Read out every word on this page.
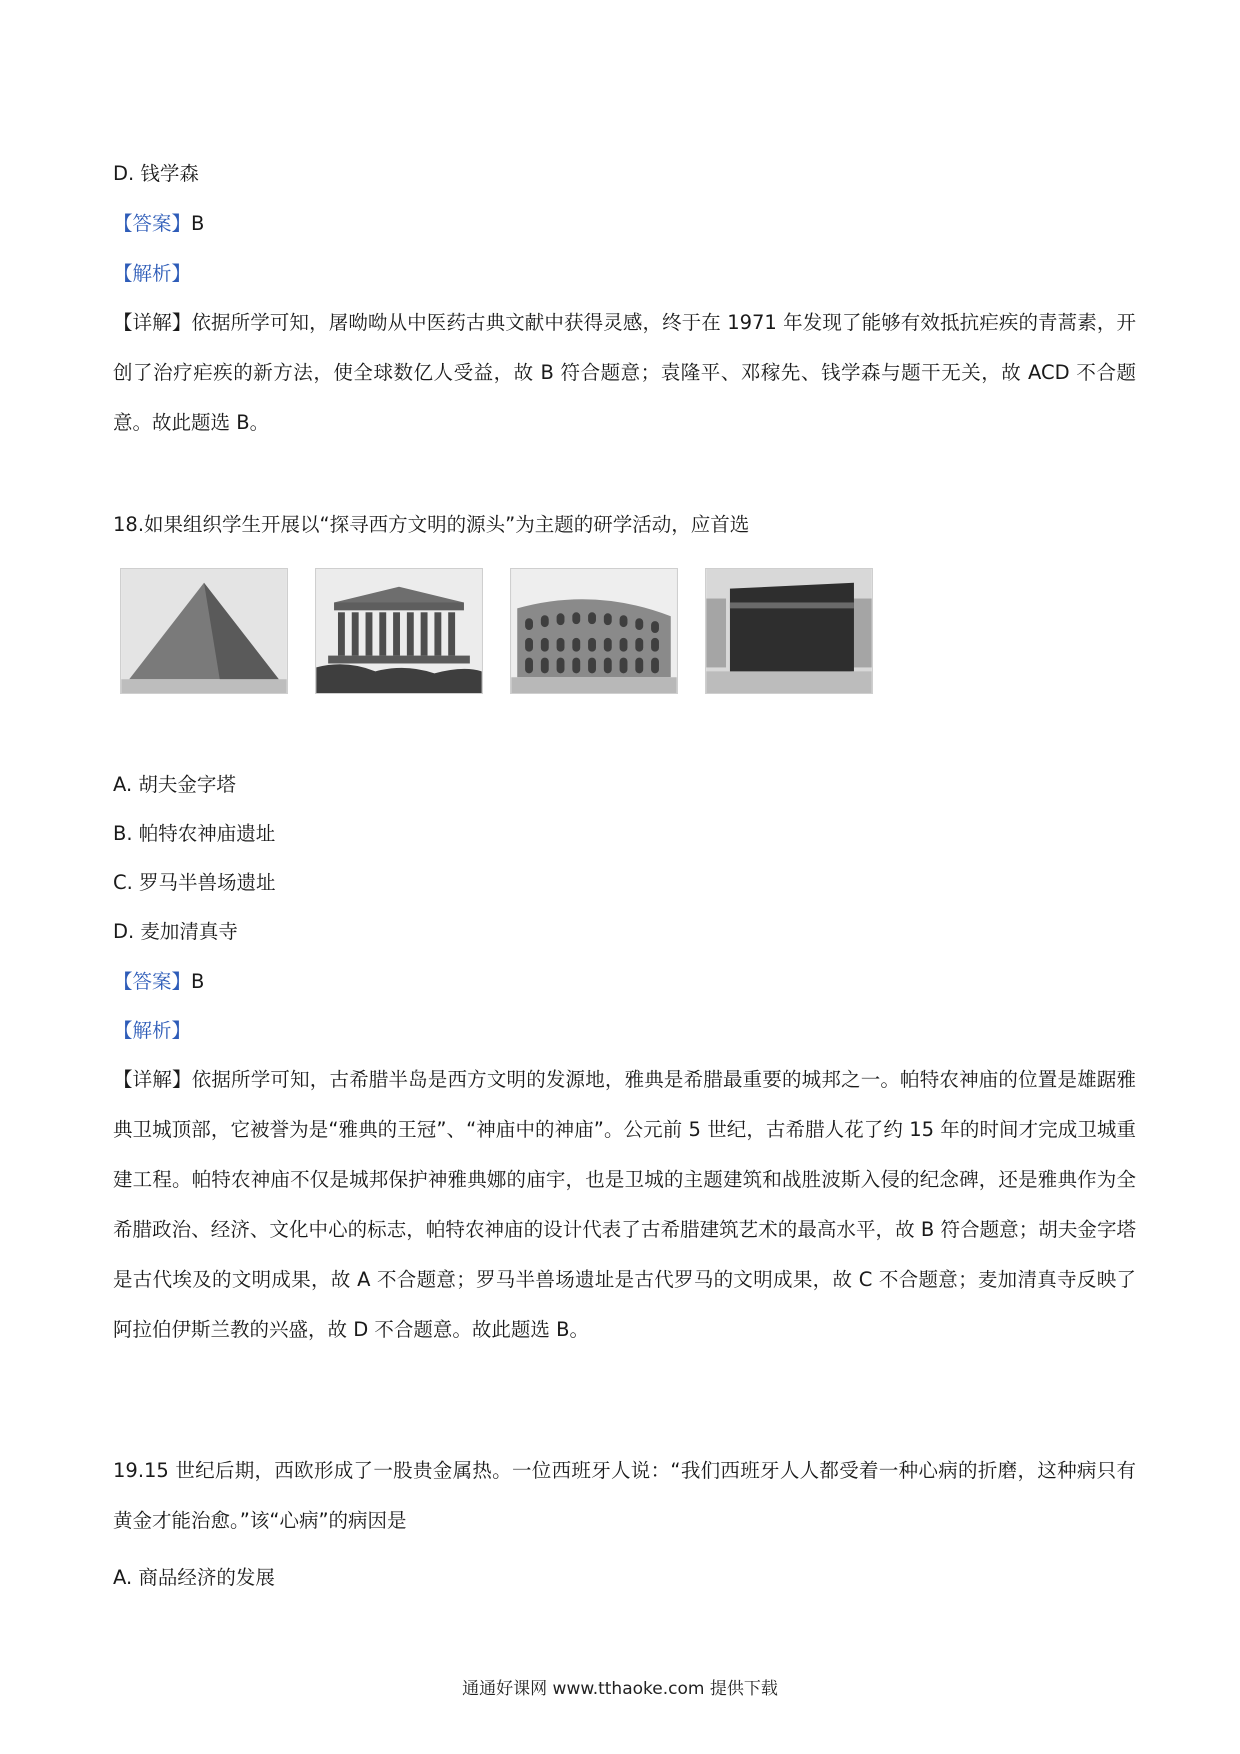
D. 钱学森
【答案】B
【解析】
【详解】依据所学可知，屠呦呦从中医药古典文献中获得灵感，终于在 1971 年发现了能够有效抵抗疟疾的青蒿素，开创了治疗疟疾的新方法，使全球数亿人受益，故 B 符合题意；袁隆平、邓稼先、钱学森与题干无关，故 ACD 不合题意。故此题选 B。
18.如果组织学生开展以“探寻西方文明的源头”为主题的研学活动，应首选
A. 胡夫金字塔
B. 帕特农神庙遗址
C. 罗马半兽场遗址
D. 麦加清真寺
【答案】B
【解析】
【详解】依据所学可知，古希腊半岛是西方文明的发源地，雅典是希腊最重要的城邦之一。帕特农神庙的位置是雄踞雅典卫城顶部，它被誉为是“雅典的王冠”、“神庙中的神庙”。公元前 5 世纪，古希腊人花了约 15 年的时间才完成卫城重建工程。帕特农神庙不仅是城邦保护神雅典娜的庙宇，也是卫城的主题建筑和战胜波斯入侵的纪念碑，还是雅典作为全希腊政治、经济、文化中心的标志，帕特农神庙的设计代表了古希腊建筑艺术的最高水平，故 B 符合题意；胡夫金字塔是古代埃及的文明成果，故 A 不合题意；罗马半兽场遗址是古代罗马的文明成果，故 C 不合题意；麦加清真寺反映了阿拉伯伊斯兰教的兴盛，故 D 不合题意。故此题选 B。
19.15 世纪后期，西欧形成了一股贵金属热。一位西班牙人说：“我们西班牙人人都受着一种心病的折磨，这种病只有黄金才能治愈。”该“心病”的病因是
A. 商品经济的发展
通通好课网 www.tthaoke.com 提供下载
